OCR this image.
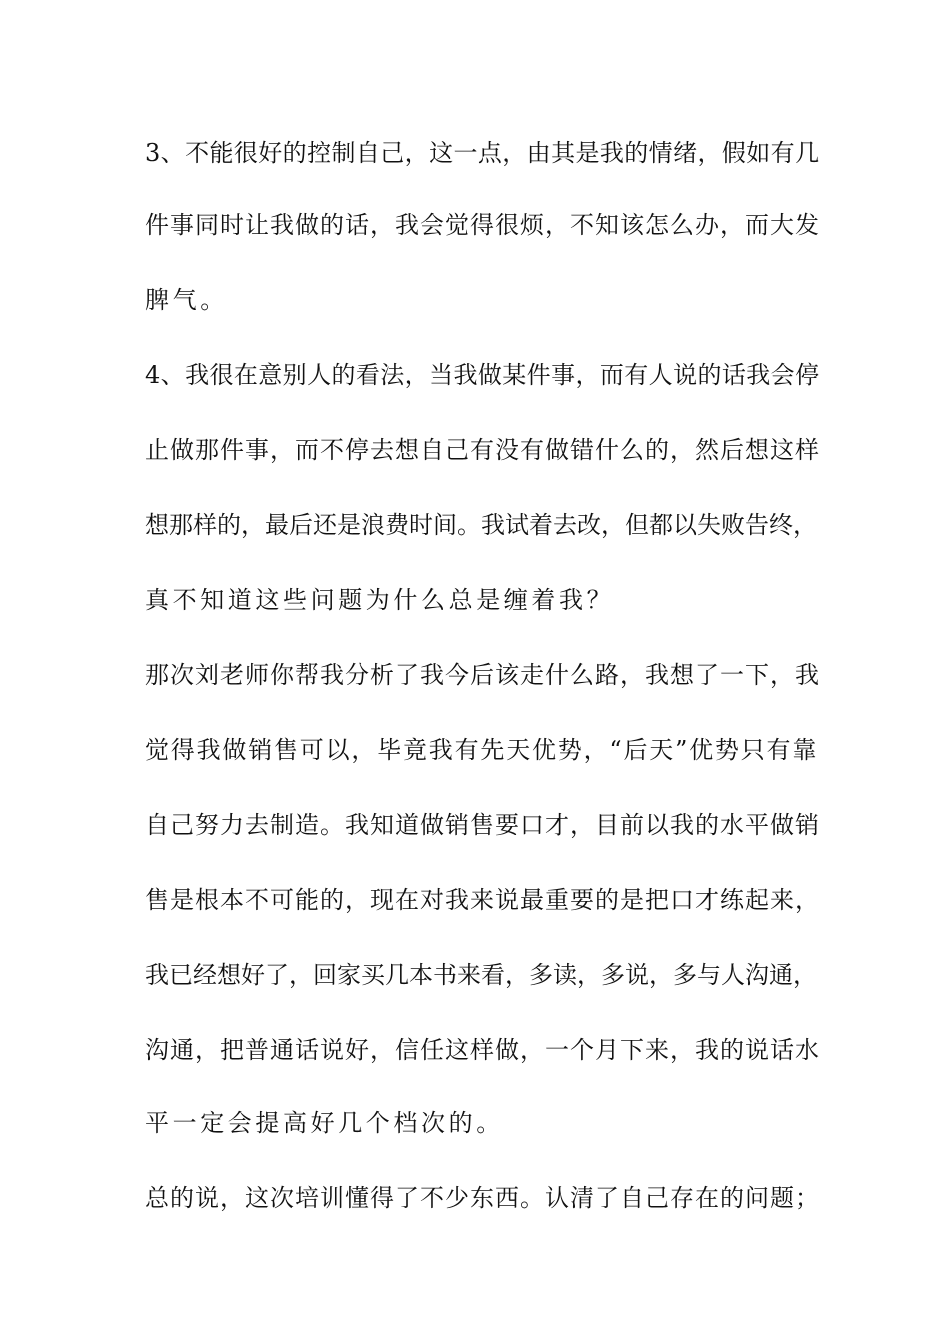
3、不能很好的控制自己，这一点，由其是我的情绪，假如有几
件事同时让我做的话，我会觉得很烦，不知该怎么办，而大发
脾气。
4、我很在意别人的看法，当我做某件事，而有人说的话我会停
止做那件事，而不停去想自己有没有做错什么的，然后想这样
想那样的，最后还是浪费时间。我试着去改，但都以失败告终，
真不知道这些问题为什么总是缠着我？
那次刘老师你帮我分析了我今后该走什么路，我想了一下，我
觉得我做销售可以，毕竟我有先天优势，“后天”优势只有靠
自己努力去制造。我知道做销售要口才，目前以我的水平做销
售是根本不可能的，现在对我来说最重要的是把口才练起来，
我已经想好了，回家买几本书来看，多读，多说，多与人沟通，
沟通，把普通话说好，信任这样做，一个月下来，我的说话水
平一定会提高好几个档次的。
总的说，这次培训懂得了不少东西。认清了自己存在的问题；
